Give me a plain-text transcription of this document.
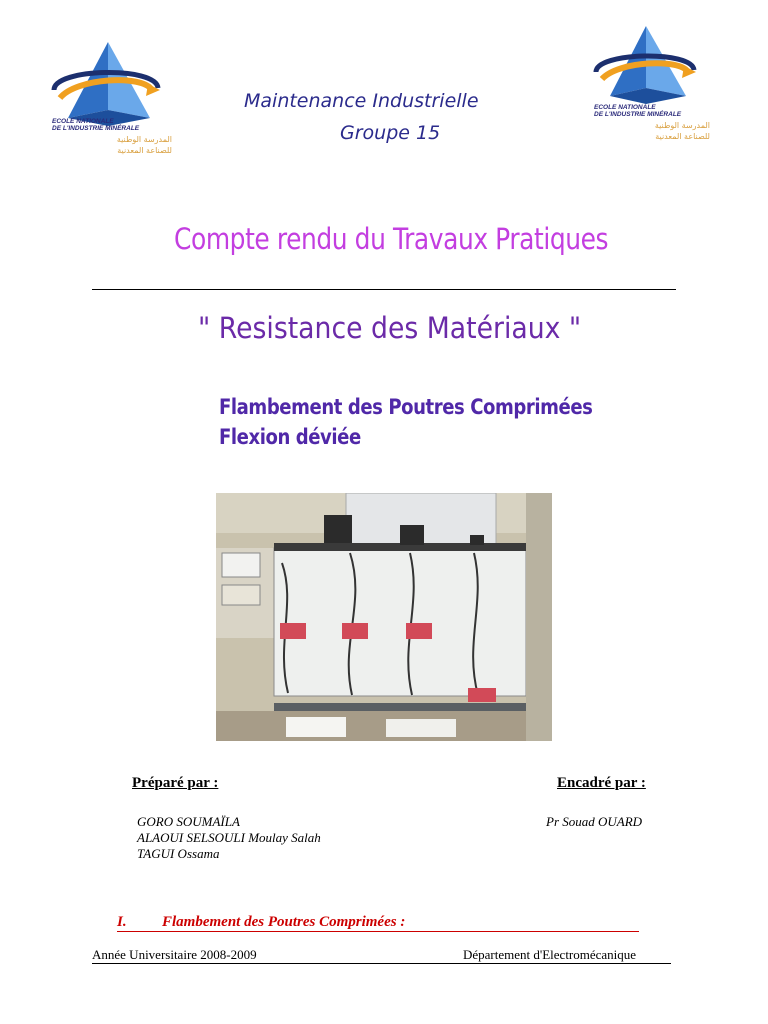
ECOLE NATIONALE
DE L'INDUSTRIE MINÉRALE
المدرسة الوطنية
للصناعة المعدنية
ECOLE NATIONALE
DE L'INDUSTRIE MINÉRALE
المدرسة الوطنية
للصناعة المعدنية
Maintenance Industrielle
Groupe 15
Compte rendu du Travaux Pratiques
" Resistance des Matériaux "
Flambement des Poutres Comprimées
Flexion déviée
Préparé par :	Encadré par :
GORO SOUMAÏLA
ALAOUI SELSOULI Moulay Salah
TAGUI Ossama
Pr Souad OUARD
I. Flambement des Poutres Comprimées :
Année Universitaire 2008-2009	Département d'Electromécanique
